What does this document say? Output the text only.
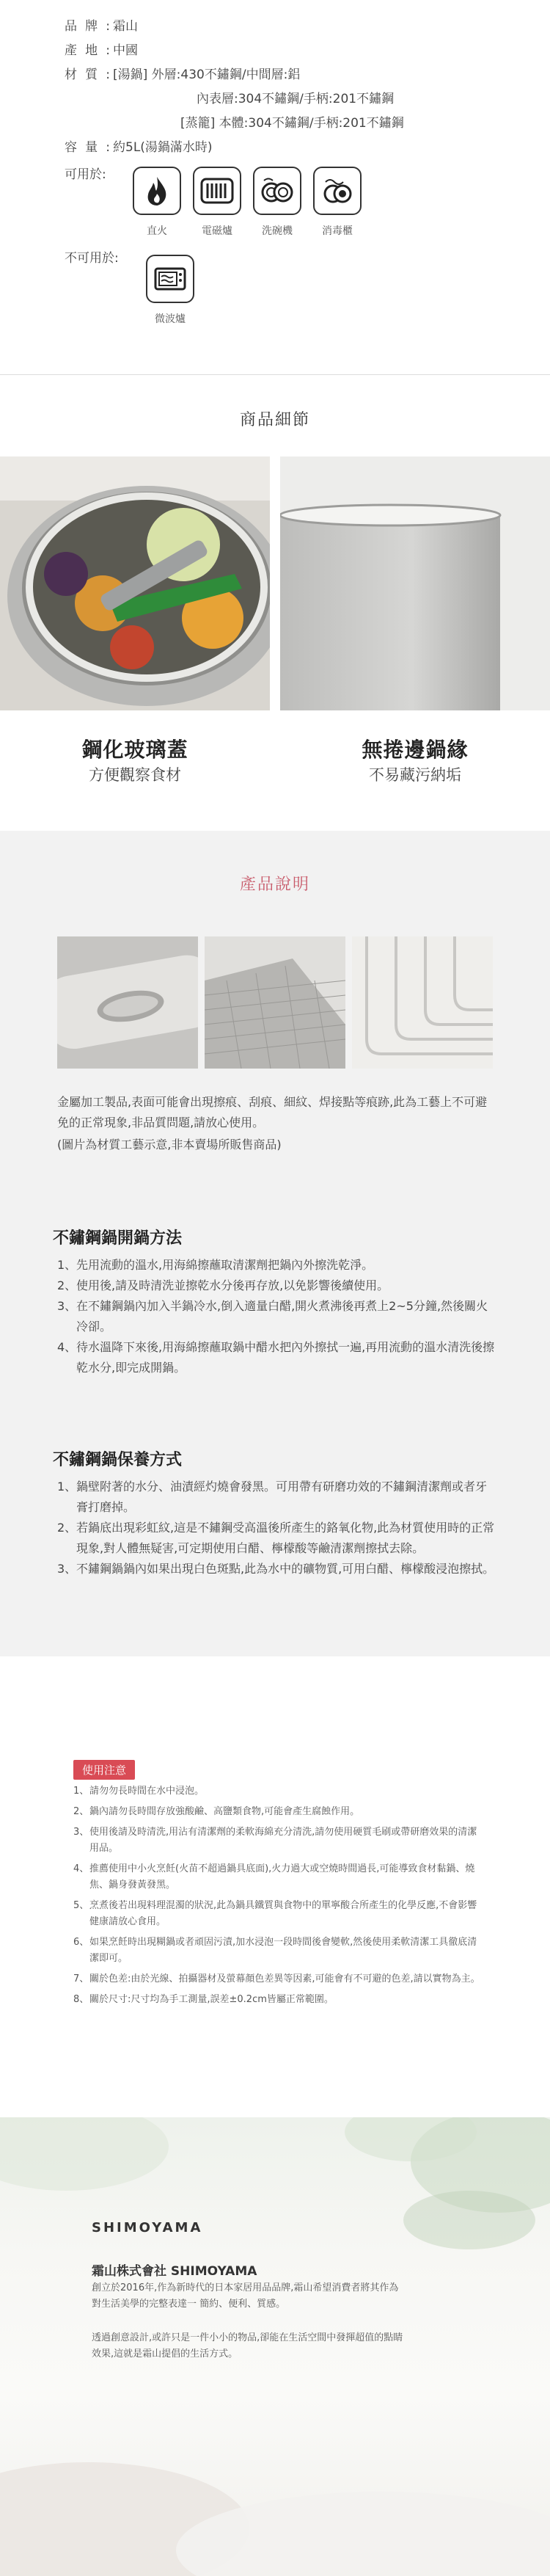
品牌: 霜山
產地: 中國
材質: [湯鍋] 外層:430不鏽鋼/中間層:鋁
內表層:304不鏽鋼/手柄:201不鏽鋼
[蒸籠] 本體:304不鏽鋼/手柄:201不鏽鋼
容量: 約5L(湯鍋滿水時)
可用於:
直火	電磁爐	洗碗機	消毒櫃
不可用於:
微波爐
商品細節
鋼化玻璃蓋
方便觀察食材
無捲邊鍋緣
不易藏污納垢
產品說明
金屬加工製品,表面可能會出現擦痕、刮痕、細紋、焊接點等痕跡,此為工藝上不可避免的正常現象,非品質問題,請放心使用。
(圖片為材質工藝示意,非本賣場所販售商品)
不鏽鋼鍋開鍋方法
1、 先用流動的溫水,用海綿擦蘸取清潔劑把鍋內外擦洗乾淨。
2、 使用後,請及時清洗並擦乾水分後再存放,以免影響後續使用。
3、 在不鏽鋼鍋內加入半鍋冷水,倒入適量白醋,開火煮沸後再煮上2~5分鐘,然後關火冷卻。
4、 待水溫降下來後,用海綿擦蘸取鍋中醋水把內外擦拭一遍,再用流動的溫水清洗後擦乾水分,即完成開鍋。
不鏽鋼鍋保養方式
1、 鍋壁附著的水分、油漬經灼燒會發黑。可用帶有研磨功效的不鏽鋼清潔劑或者牙膏打磨掉。
2、 若鍋底出現彩虹紋,這是不鏽鋼受高溫後所產生的鉻氧化物,此為材質使用時的正常現象,對人體無疑害,可定期使用白醋、檸檬酸等鹼清潔劑擦拭去除。
3、 不鏽鋼鍋鍋內如果出現白色斑點,此為水中的礦物質,可用白醋、檸檬酸浸泡擦拭。
使用注意
1、 請勿勿長時間在水中浸泡。
2、 鍋內請勿長時間存放強酸鹼、高鹽類食物,可能會產生腐蝕作用。
3、 使用後請及時清洗,用沾有清潔劑的柔軟海綿充分清洗,請勿使用硬質毛刷或帶研磨效果的清潔用品。
4、 推薦使用中小火烹飪(火苗不超過鍋具底面),火力過大或空燒時間過長,可能導致食材黏鍋、燒焦、鍋身發黃發黑。
5、 烹煮後若出現料理混濁的狀況,此為鍋具鐵質與食物中的單寧酸合所產生的化學反應,不會影響健康請放心食用。
6、 如果烹飪時出現糊鍋或者頑固污漬,加水浸泡一段時間後會變軟,然後使用柔軟清潔工具徹底清潔即可。
7、 關於色差:由於光線、拍攝器材及螢幕顏色差異等因素,可能會有不可避的色差,請以實物為主。
8、 關於尺寸:尺寸均為手工測量,誤差±0.2cm皆屬正常範圍。
SHIMOYAMA
霜山株式會社 SHIMOYAMA
創立於2016年,作為新時代的日本家居用品品牌,霜山希望消費者將其作為對生活美學的完整表達一 簡約、便利、質感。
透過創意設計,或許只是一件小小的物品,卻能在生活空間中發揮超值的點睛效果,這就是霜山提倡的生活方式。
